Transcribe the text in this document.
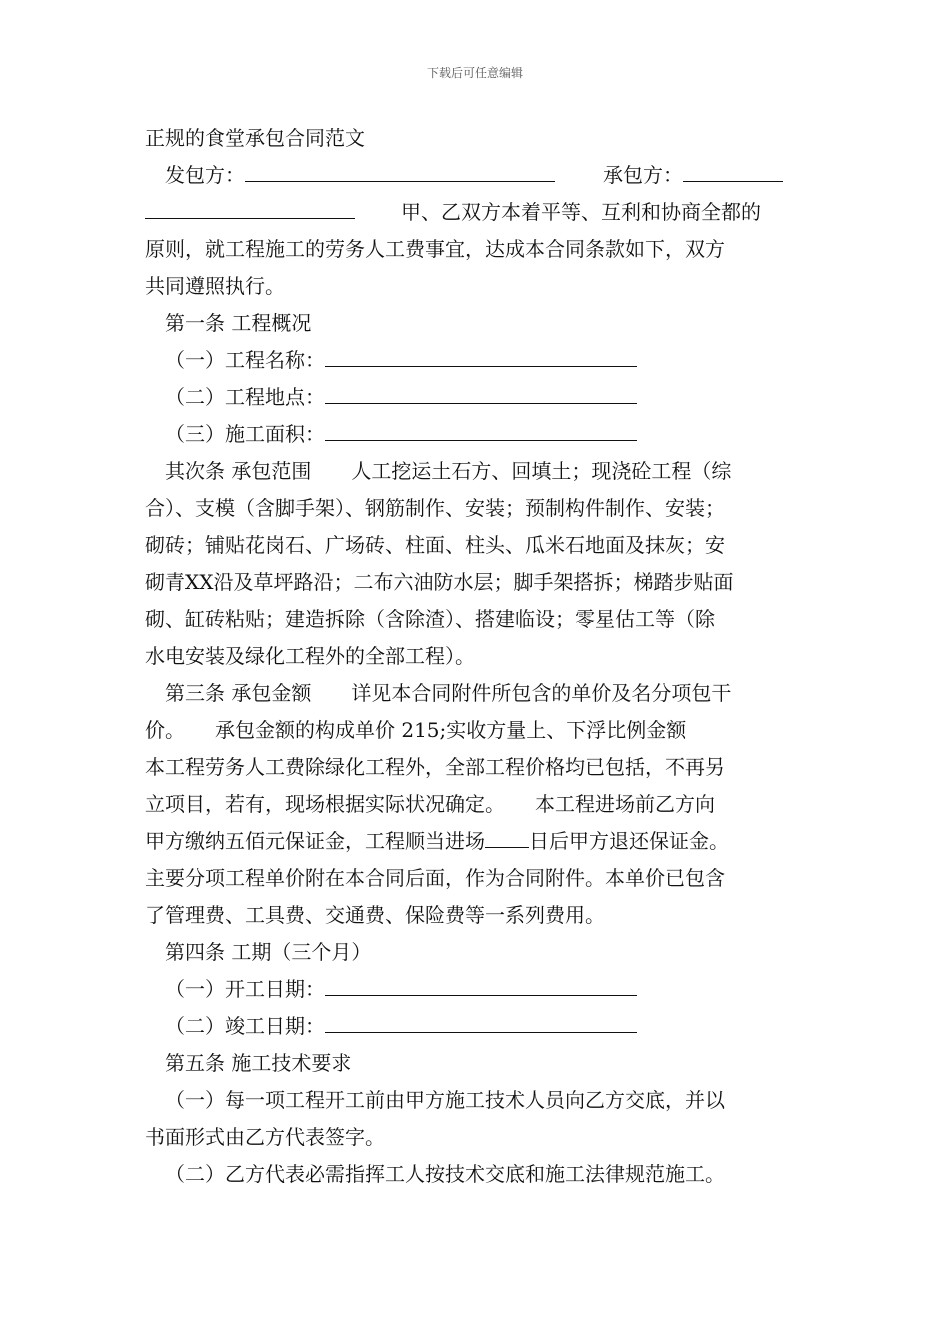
下载后可任意编辑
正规的食堂承包合同范文
发包方：	承包方：
甲、乙双方本着平等、互利和协商全都的
原则，就工程施工的劳务人工费事宜，达成本合同条款如下，双方
共同遵照执行。
第一条 工程概况
（一）工程名称：
（二）工程地点：
（三）施工面积：
其次条 承包范围　　人工挖运土石方、回填土；现浇砼工程（综
合）、支模（含脚手架）、钢筋制作、安装；预制构件制作、安装；
砌砖；铺贴花岗石、广场砖、柱面、柱头、瓜米石地面及抹灰；安
砌青XX沿及草坪路沿；二布六油防水层；脚手架搭拆；梯踏步贴面
砌、缸砖粘贴；建造拆除（含除渣）、搭建临设；零星估工等（除
水电安装及绿化工程外的全部工程）。
第三条 承包金额　　详见本合同附件所包含的单价及名分项包干
价。　　承包金额的构成单价 215;实收方量上、下浮比例金额
本工程劳务人工费除绿化工程外，全部工程价格均已包括，不再另
立项目，若有，现场根据实际状况确定。　　本工程进场前乙方向
甲方缴纳五佰元保证金，工程顺当进场 日后甲方退还保证金。
主要分项工程单价附在本合同后面，作为合同附件。本单价已包含
了管理费、工具费、交通费、保险费等一系列费用。
第四条 工期（三个月）
（一）开工日期：
（二）竣工日期：
第五条 施工技术要求
（一）每一项工程开工前由甲方施工技术人员向乙方交底，并以
书面形式由乙方代表签字。
（二）乙方代表必需指挥工人按技术交底和施工法律规范施工。
